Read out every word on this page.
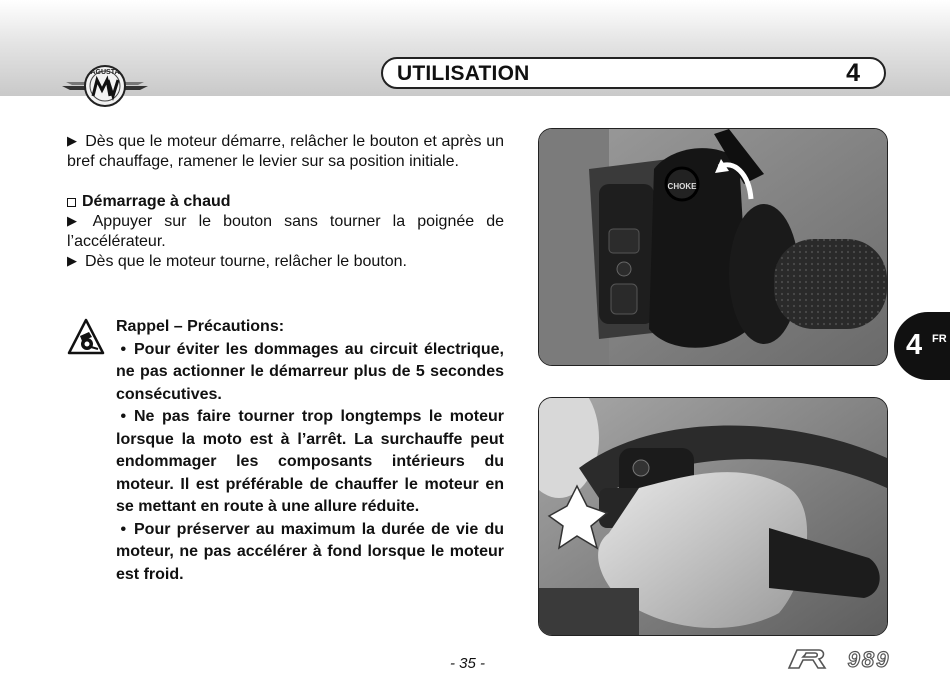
AGUSTA	UTILISATION	4

▶ Dès que le moteur démarre, relâcher le bouton et après un bref chauffage, ramener le levier sur sa position initiale.

Démarrage à chaud

▶ Appuyer sur le bouton sans tourner la poignée de l’accélérateur.

▶ Dès que le moteur tourne, relâcher le bouton.

Rappel – Précautions:

• Pour éviter les dommages au circuit électrique, ne pas actionner le démarreur plus de 5 secondes consécutives.

• Ne pas faire tourner trop longtemps le moteur lorsque la moto est à l’arrêt. La surchauffe peut endommager les composants intérieurs du moteur. Il est préférable de chauffer le moteur en se mettant en route à une allure réduite.

• Pour préserver au maximum la durée de vie du moteur, ne pas accélérer à fond lorsque le moteur est froid.

CHOKE
4 FR
- 35 -	989
